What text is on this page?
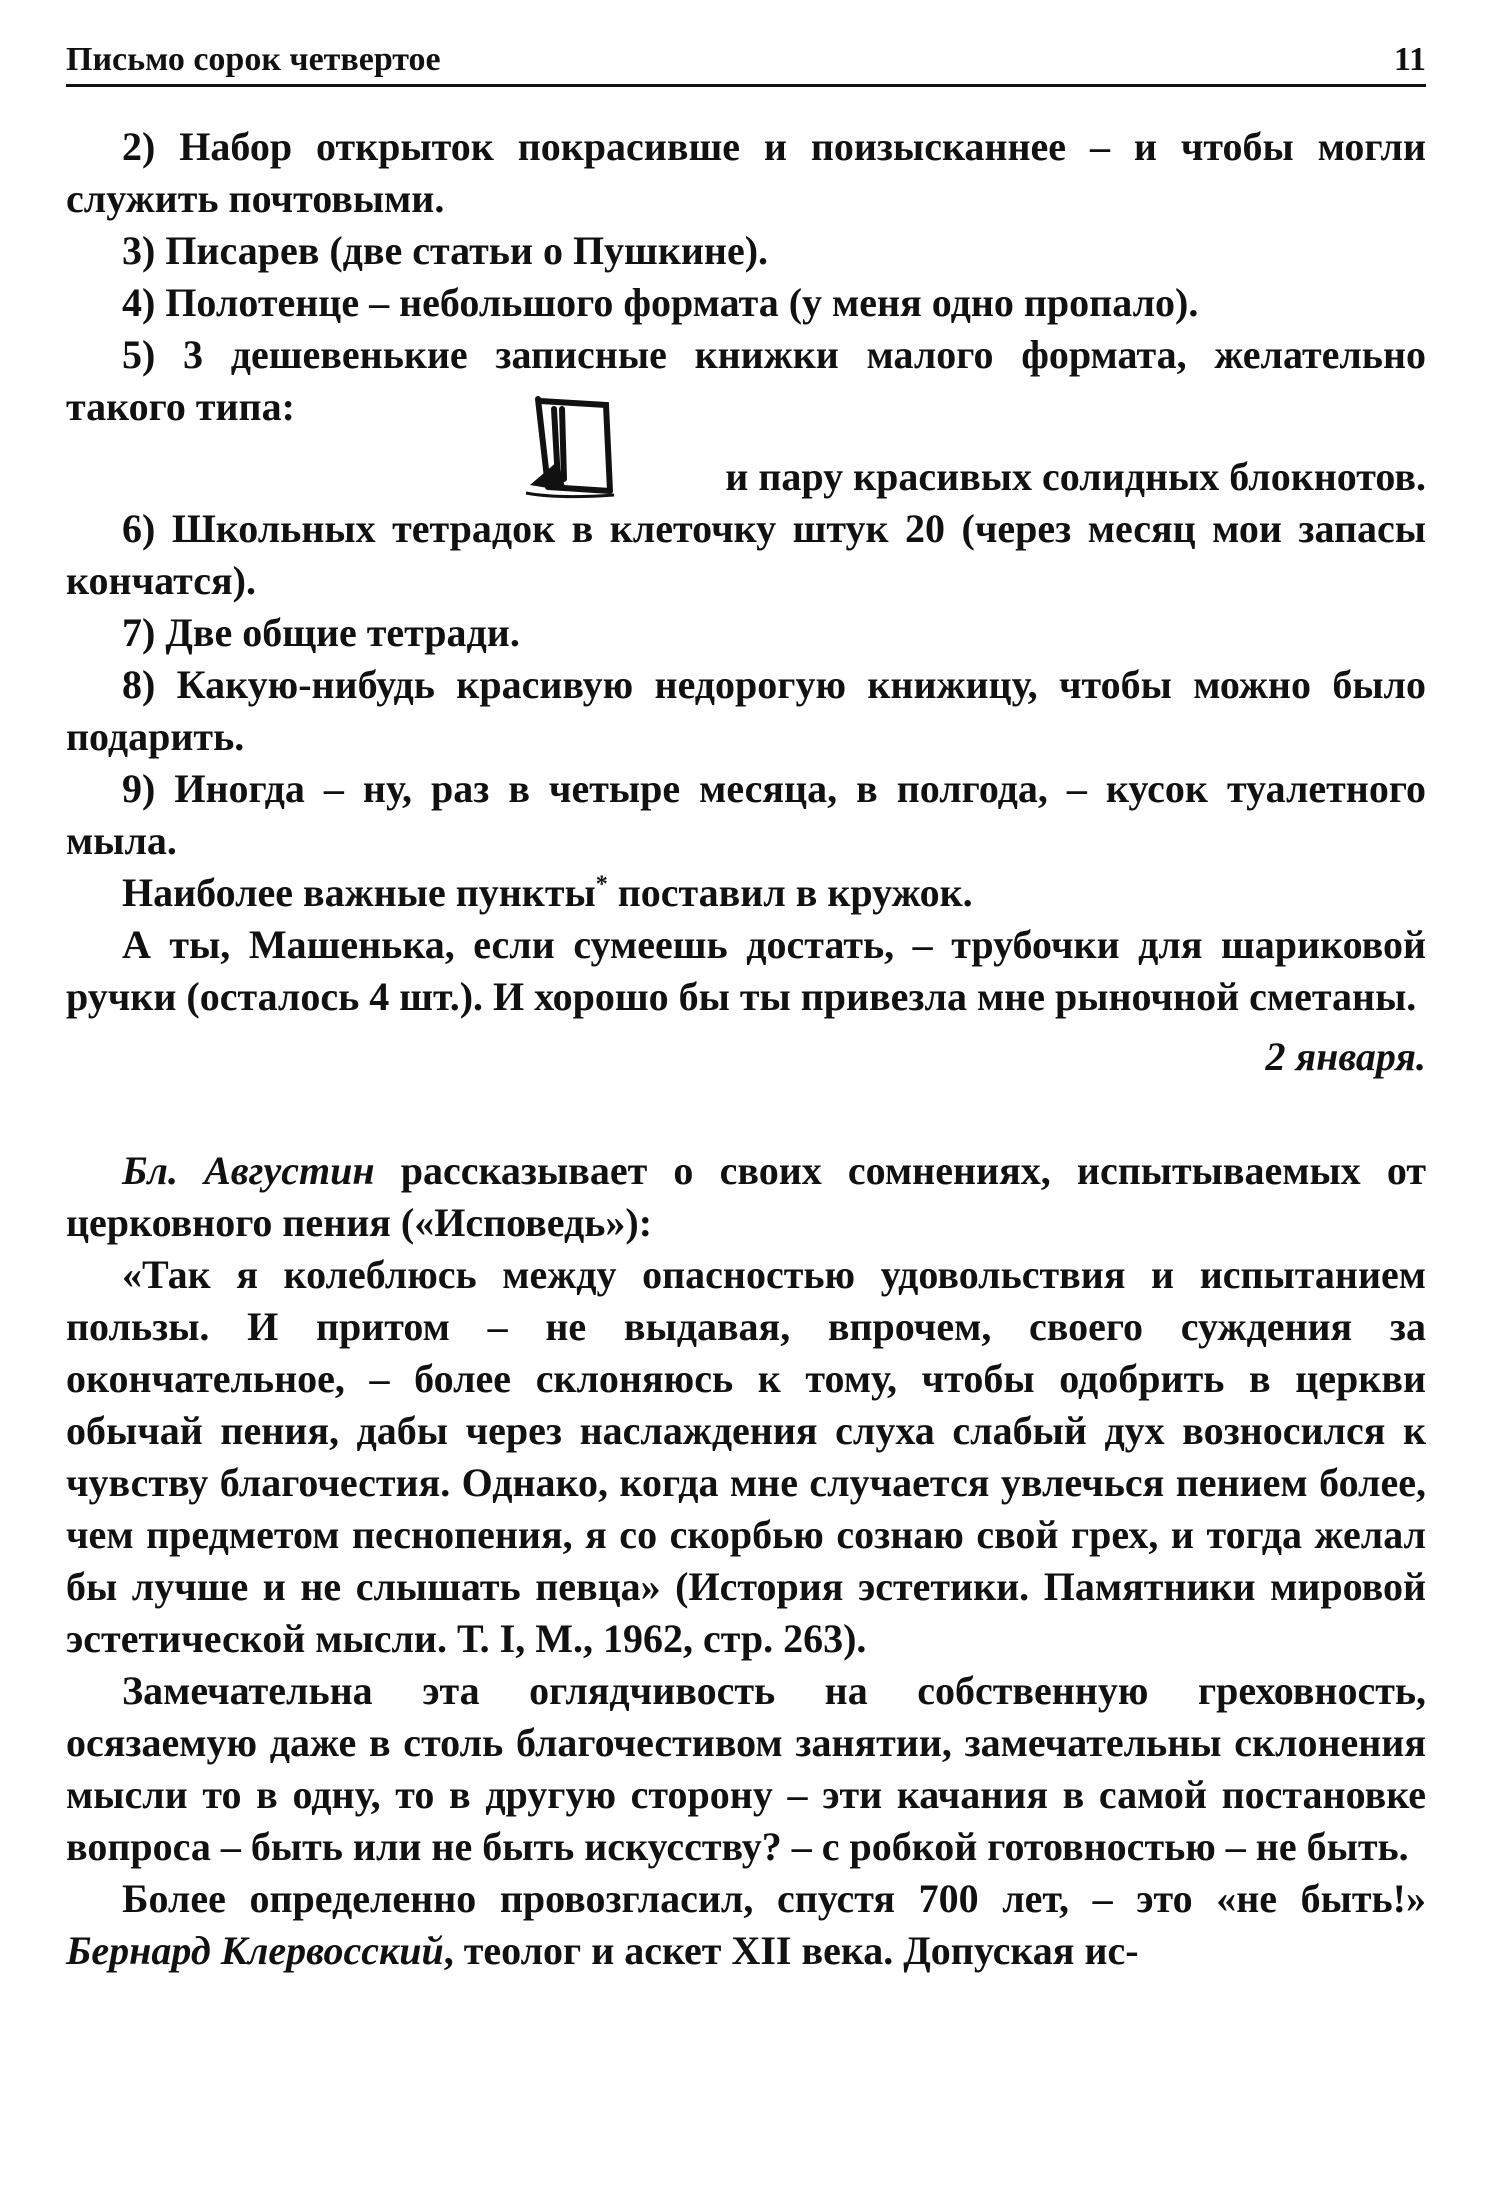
Письмо сорок четвертое	11

2) Набор открыток покрасивше и поизысканнее – и чтобы могли служить почтовыми.

3) Писарев (две статьи о Пушкине).

4) Полотенце – небольшого формата (у меня одно пропало).

5) 3 дешевенькие записные книжки малого формата, желательно такого типа:

и пару красивых солидных блокнотов.

6) Школьных тетрадок в клеточку штук 20 (через месяц мои запасы кончатся).

7) Две общие тетради.

8) Какую-нибудь красивую недорогую книжицу, чтобы можно было подарить.

9) Иногда – ну, раз в четыре месяца, в полгода, – кусок туалетного мыла.

Наиболее важные пункты* поставил в кружок.

А ты, Машенька, если сумеешь достать, – трубочки для шариковой ручки (осталось 4 шт.). И хорошо бы ты привезла мне рыночной сметаны.

2 января.

Бл. Августин рассказывает о своих сомнениях, испытываемых от церковного пения («Исповедь»):

«Так я колеблюсь между опасностью удовольствия и испытанием пользы. И притом – не выдавая, впрочем, своего суждения за окончательное, – более склоняюсь к тому, чтобы одобрить в церкви обычай пения, дабы через наслаждения слуха слабый дух возносился к чувству благочестия. Однако, когда мне случается увлечься пением более, чем предметом песнопения, я со скорбью сознаю свой грех, и тогда желал бы лучше и не слышать певца» (История эстетики. Памятники мировой эстетической мысли. Т. I, М., 1962, стр. 263).

Замечательна эта оглядчивость на собственную греховность, осязаемую даже в столь благочестивом занятии, замечательны склонения мысли то в одну, то в другую сторону – эти качания в самой постановке вопроса – быть или не быть искусству? – с робкой готовностью – не быть.

Более определенно провозгласил, спустя 700 лет, – это «не быть!» Бернард Клервосский, теолог и аскет XII века. Допуская ис-
